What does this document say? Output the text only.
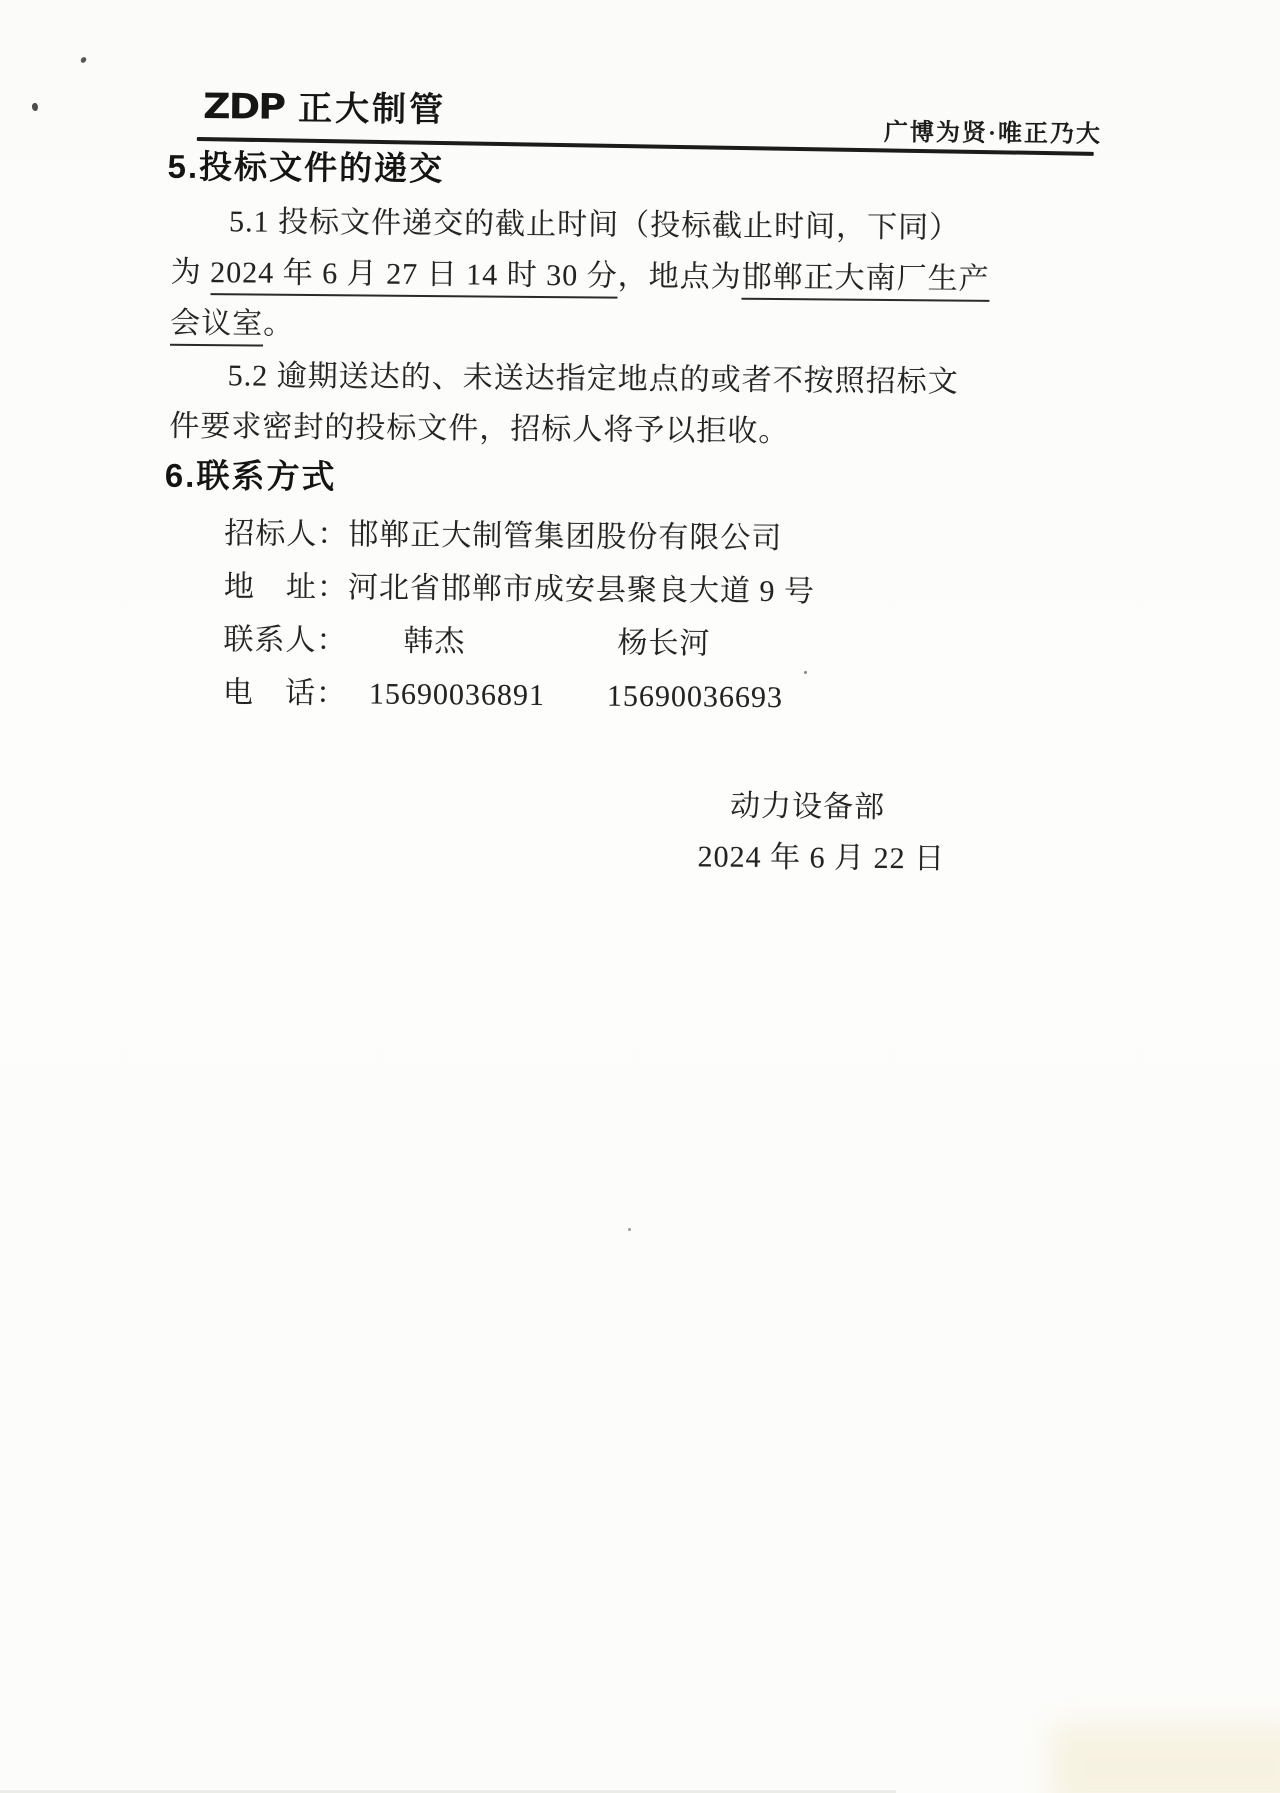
ZDP 正大制管
广博为贤·唯正乃大
5.投标文件的递交

5.1 投标文件递交的截止时间（投标截止时间，下同）

为 2024 年 6 月 27 日 14 时 30 分，地点为邯郸正大南厂生产

会议室。

5.2 逾期送达的、未送达指定地点的或者不按照招标文

件要求密封的投标文件，招标人将予以拒收。

6.联系方式

招标人：邯郸正大制管集团股份有限公司

地　址：河北省邯郸市成安县聚良大道 9 号

联系人： 韩杰	杨长河

电　话： 15690036891 15690036693

动力设备部

2024 年 6 月 22 日
